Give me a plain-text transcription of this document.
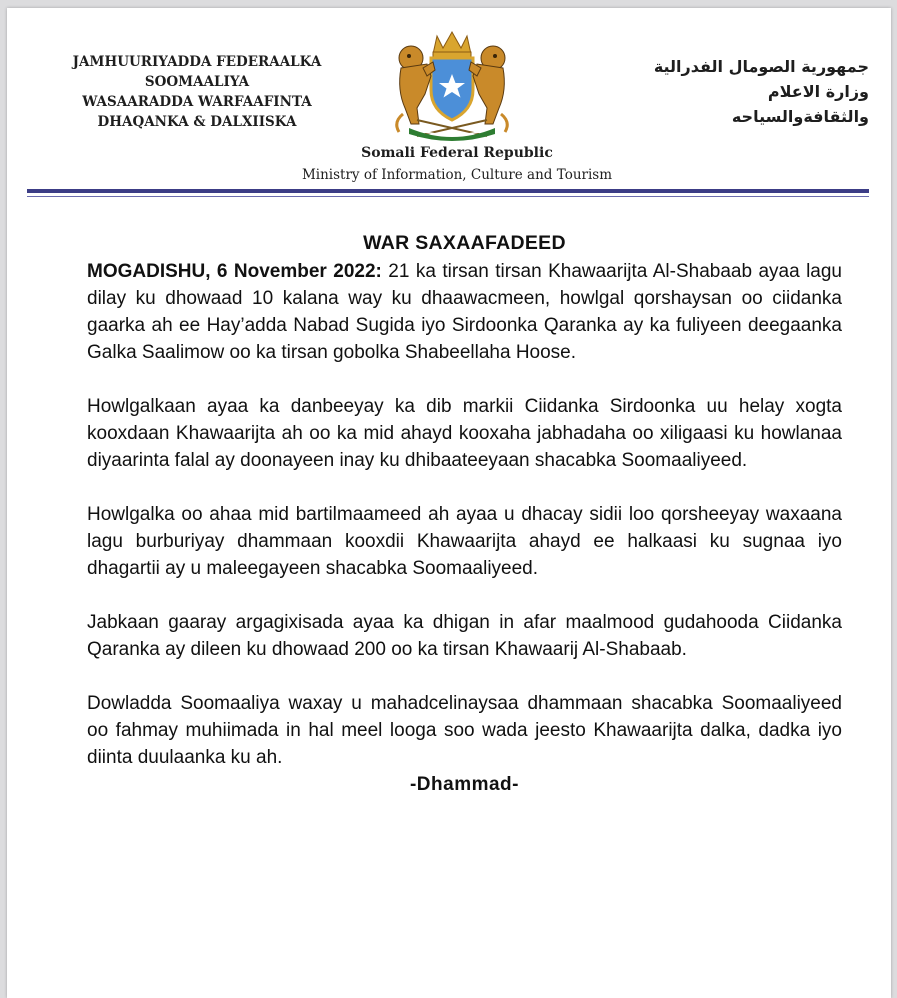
JAMHUURIYADDA FEDERAALKA
SOOMAALIYA
WASAARADDA WARFAAFINTA
DHAQANKA & DALXIISKA
جمهورية الصومال الفدرالية
وزارة الاعلام
والثقافةوالسياحه
Somali Federal Republic
Ministry of Information, Culture and Tourism
WAR SAXAAFADEED

MOGADISHU, 6 November 2022: 21 ka tirsan tirsan Khawaarijta Al-Shabaab ayaa lagu dilay ku dhowaad 10 kalana way ku dhaawacmeen, howlgal qorshaysan oo ciidanka gaarka ah ee Hay’adda Nabad Sugida iyo Sirdoonka Qaranka ay ka fuliyeen deegaanka Galka Saalimow oo ka tirsan gobolka Shabeellaha Hoose.

Howlgalkaan ayaa ka danbeeyay ka dib markii Ciidanka Sirdoonka uu helay xogta kooxdaan Khawaarijta ah oo ka mid ahayd kooxaha jabhadaha oo xiligaasi ku howlanaa diyaarinta falal ay doonayeen inay ku dhibaateeyaan shacabka Soomaaliyeed.

Howlgalka oo ahaa mid bartilmaameed ah ayaa u dhacay sidii loo qorsheeyay waxaana lagu burburiyay dhammaan kooxdii Khawaarijta ahayd ee halkaasi ku sugnaa iyo dhagartii ay u maleegayeen shacabka Soomaaliyeed.

Jabkaan gaaray argagixisada ayaa ka dhigan in afar maalmood gudahooda Ciidanka Qaranka ay dileen ku dhowaad 200 oo ka tirsan Khawaarij Al-Shabaab.

Dowladda Soomaaliya waxay u mahadcelinaysaa dhammaan shacabka Soomaaliyeed oo fahmay muhiimada in hal meel looga soo wada jeesto Khawaarijta dalka, dadka iyo diinta duulaanka ku ah.

-Dhammad-
